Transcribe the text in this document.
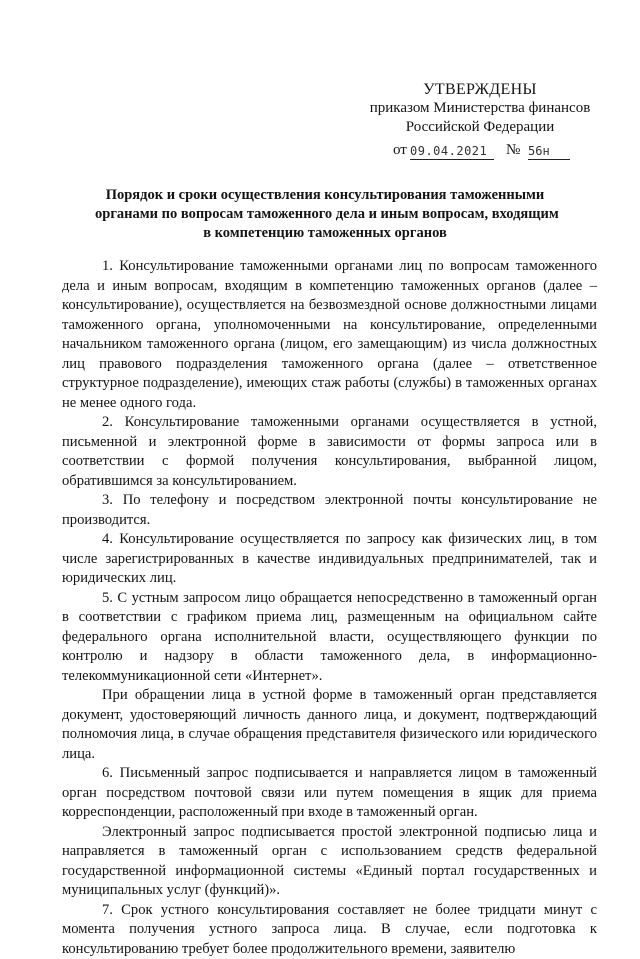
УТВЕРЖДЕНЫ
приказом Министерства финансов
Российской Федерации
от 09.04.2021	№ 56н
Порядок и сроки осуществления консультирования таможенными
органами по вопросам таможенного дела и иным вопросам, входящим
в компетенцию таможенных органов

1. Консультирование таможенными органами лиц по вопросам таможенного дела и иным вопросам, входящим в компетенцию таможенных органов (далее – консультирование), осуществляется на безвозмездной основе должностными лицами таможенного органа, уполномоченными на консультирование, определенными начальником таможенного органа (лицом, его замещающим) из числа должностных лиц правового подразделения таможенного органа (далее – ответственное структурное подразделение), имеющих стаж работы (службы) в таможенных органах не менее одного года.

2. Консультирование таможенными органами осуществляется в устной, письменной и электронной форме в зависимости от формы запроса или в соответствии с формой получения консультирования, выбранной лицом, обратившимся за консультированием.

3. По телефону и посредством электронной почты консультирование не производится.

4. Консультирование осуществляется по запросу как физических лиц, в том числе зарегистрированных в качестве индивидуальных предпринимателей, так и юридических лиц.

5. С устным запросом лицо обращается непосредственно в таможенный орган в соответствии с графиком приема лиц, размещенным на официальном сайте федерального органа исполнительной власти, осуществляющего функции по контролю и надзору в области таможенного дела, в информационно-телекоммуникационной сети «Интернет».

При обращении лица в устной форме в таможенный орган представляется документ, удостоверяющий личность данного лица, и документ, подтверждающий полномочия лица, в случае обращения представителя физического или юридического лица.

6. Письменный запрос подписывается и направляется лицом в таможенный орган посредством почтовой связи или путем помещения в ящик для приема корреспонденции, расположенный при входе в таможенный орган.

Электронный запрос подписывается простой электронной подписью лица и направляется в таможенный орган с использованием средств федеральной государственной информационной системы «Единый портал государственных и муниципальных услуг (функций)».

7. Срок устного консультирования составляет не более тридцати минут с момента получения устного запроса лица. В случае, если подготовка к консультированию требует более продолжительного времени, заявителю
